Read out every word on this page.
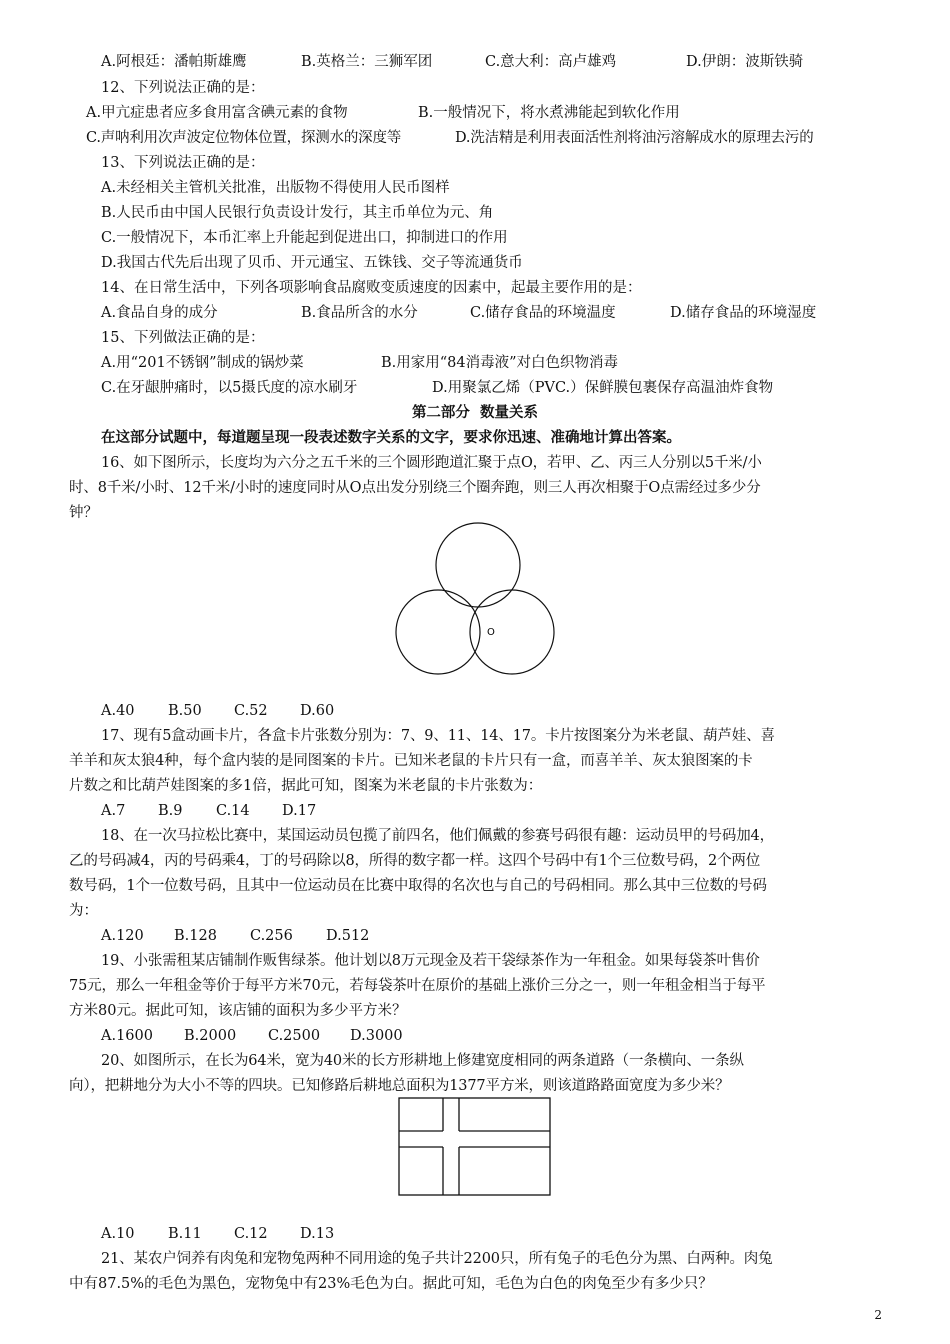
A.阿根廷：潘帕斯雄鹰	B.英格兰：三狮军团	C.意大利：高卢雄鸡	D.伊朗：波斯铁骑
12、下列说法正确的是：
A.甲亢症患者应多食用富含碘元素的食物	B.一般情况下，将水煮沸能起到软化作用
C.声呐利用次声波定位物体位置，探测水的深度等	D.洗洁精是利用表面活性剂将油污溶解成水的原理去污的
13、下列说法正确的是：
A.未经相关主管机关批准，出版物不得使用人民币图样
B.人民币由中国人民银行负责设计发行，其主币单位为元、角
C.一般情况下，本币汇率上升能起到促进出口，抑制进口的作用
D.我国古代先后出现了贝币、开元通宝、五铢钱、交子等流通货币
14、在日常生活中，下列各项影响食品腐败变质速度的因素中，起最主要作用的是：
A.食品自身的成分	B.食品所含的水分	C.储存食品的环境温度	D.储存食品的环境湿度
15、下列做法正确的是：
A.用“201不锈钢”制成的锅炒菜	B.用家用“84消毒液”对白色织物消毒
C.在牙龈肿痛时，以5摄氏度的凉水刷牙	D.用聚氯乙烯（PVC.）保鲜膜包裹保存高温油炸食物
第二部分  数量关系
在这部分试题中，每道题呈现一段表述数字关系的文字，要求你迅速、准确地计算出答案。
16、如下图所示，长度均为六分之五千米的三个圆形跑道汇聚于点O，若甲、乙、丙三人分别以5千米/小
时、8千米/小时、12千米/小时的速度同时从O点出发分别绕三个圈奔跑，则三人再次相聚于O点需经过多少分
钟？
O
A.40 B.50 C.52 D.60
17、现有5盒动画卡片，各盒卡片张数分别为：7、9、11、14、17。卡片按图案分为米老鼠、葫芦娃、喜
羊羊和灰太狼4种，每个盒内装的是同图案的卡片。已知米老鼠的卡片只有一盒，而喜羊羊、灰太狼图案的卡
片数之和比葫芦娃图案的多1倍，据此可知，图案为米老鼠的卡片张数为：
A.7 B.9 C.14 D.17
18、在一次马拉松比赛中，某国运动员包揽了前四名，他们佩戴的参赛号码很有趣：运动员甲的号码加4，
乙的号码减4，丙的号码乘4，丁的号码除以8，所得的数字都一样。这四个号码中有1个三位数号码，2个两位
数号码，1个一位数号码，且其中一位运动员在比赛中取得的名次也与自己的号码相同。那么其中三位数的号码
为：
A.120 B.128 C.256 D.512
19、小张需租某店铺制作贩售绿茶。他计划以8万元现金及若干袋绿茶作为一年租金。如果每袋茶叶售价
75元，那么一年租金等价于每平方米70元，若每袋茶叶在原价的基础上涨价三分之一，则一年租金相当于每平
方米80元。据此可知，该店铺的面积为多少平方米？
A.1600 B.2000 C.2500 D.3000
20、如图所示，在长为64米，宽为40米的长方形耕地上修建宽度相同的两条道路（一条横向、一条纵
向），把耕地分为大小不等的四块。已知修路后耕地总面积为1377平方米，则该道路路面宽度为多少米？
A.10 B.11 C.12 D.13
21、某农户饲养有肉兔和宠物兔两种不同用途的兔子共计2200只，所有兔子的毛色分为黑、白两种。肉兔
中有87.5%的毛色为黑色，宠物兔中有23%毛色为白。据此可知，毛色为白色的肉兔至少有多少只？
2
